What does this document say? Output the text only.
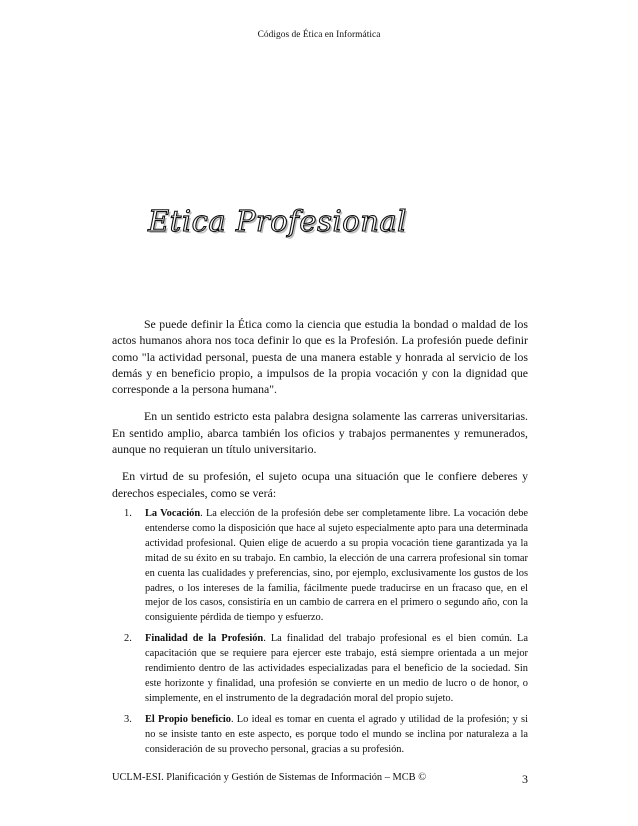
Códigos de Ética en Informática
Etica Profesional

Se puede definir la Ética como la ciencia que estudia la bondad o maldad de los actos humanos ahora nos toca definir lo que es la Profesión. La profesión puede definir como "la actividad personal, puesta de una manera estable y honrada al servicio de los demás y en beneficio propio, a impulsos de la propia vocación y con la dignidad que corresponde a la persona humana".

En un sentido estricto esta palabra designa solamente las carreras universitarias. En sentido amplio, abarca también los oficios y trabajos permanentes y remunerados, aunque no requieran un título universitario.

En virtud de su profesión, el sujeto ocupa una situación que le confiere deberes y derechos especiales, como se verá:

1. La Vocación. La elección de la profesión debe ser completamente libre. La vocación debe entenderse como la disposición que hace al sujeto especialmente apto para una determinada actividad profesional. Quien elige de acuerdo a su propia vocación tiene garantizada ya la mitad de su éxito en su trabajo. En cambio, la elección de una carrera profesional sin tomar en cuenta las cualidades y preferencias, sino, por ejemplo, exclusivamente los gustos de los padres, o los intereses de la familia, fácilmente puede traducirse en un fracaso que, en el mejor de los casos, consistiría en un cambio de carrera en el primero o segundo año, con la consiguiente pérdida de tiempo y esfuerzo.
2. Finalidad de la Profesión. La finalidad del trabajo profesional es el bien común. La capacitación que se requiere para ejercer este trabajo, está siempre orientada a un mejor rendimiento dentro de las actividades especializadas para el beneficio de la sociedad. Sin este horizonte y finalidad, una profesión se convierte en un medio de lucro o de honor, o simplemente, en el instrumento de la degradación moral del propio sujeto.
3. El Propio beneficio. Lo ideal es tomar en cuenta el agrado y utilidad de la profesión; y si no se insiste tanto en este aspecto, es porque todo el mundo se inclina por naturaleza a la consideración de su provecho personal, gracias a su profesión.
UCLM-ESI. Planificación y Gestión de Sistemas de Información – MCB ©	3
